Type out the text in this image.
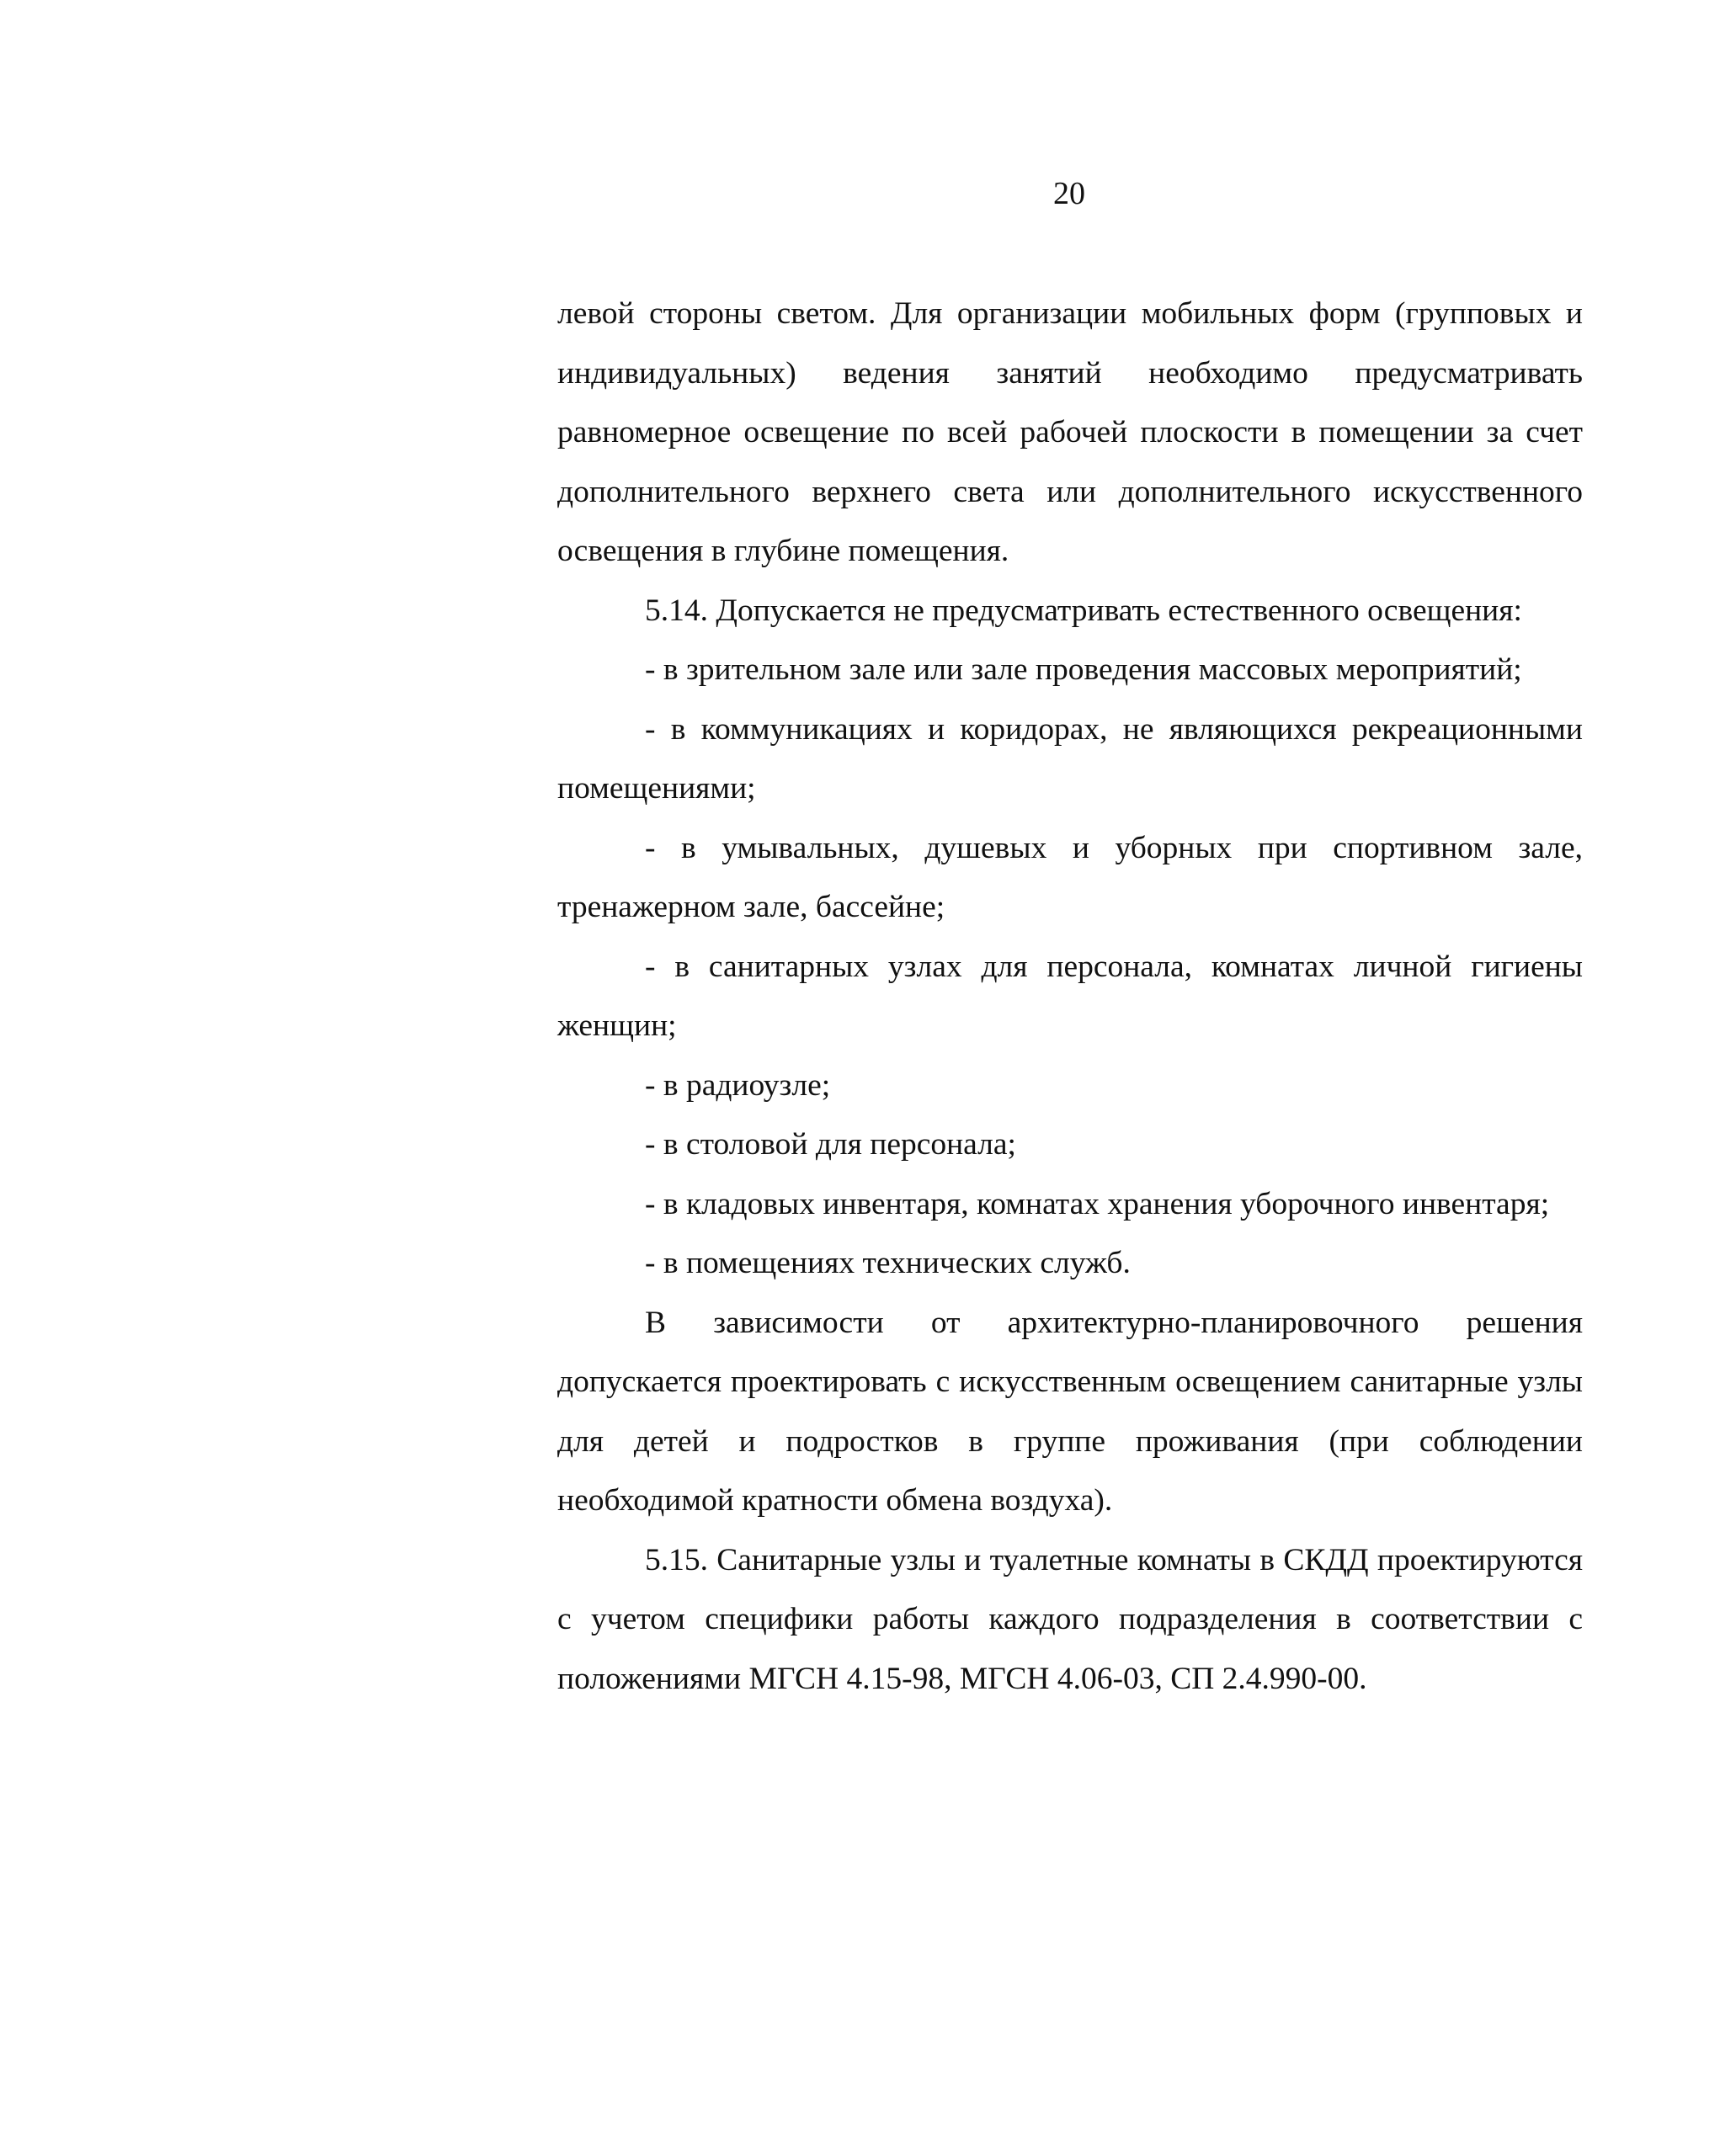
20

левой стороны светом. Для организации мобильных форм (групповых и индивидуальных) ведения занятий необходимо предусматривать равномерное освещение по всей рабочей плоскости в помещении за счет дополнительного верхнего света или дополнительного искусственного освещения в глубине помещения.

5.14. Допускается не предусматривать естественного освещения:

- в зрительном зале или зале проведения массовых мероприятий;

- в коммуникациях и коридорах, не являющихся рекреационными помещениями;

- в умывальных, душевых и уборных при спортивном зале, тренажерном зале, бассейне;

- в санитарных узлах для персонала, комнатах личной гигиены женщин;

- в радиоузле;

- в столовой для персонала;

- в кладовых инвентаря, комнатах хранения уборочного инвентаря;

- в помещениях технических служб.

В зависимости от архитектурно-планировочного решения допускается проектировать с искусственным освещением санитарные узлы для детей и подростков в группе проживания (при соблюдении необходимой кратности обмена воздуха).

5.15. Санитарные узлы и туалетные комнаты в СКДД проектируются с учетом специфики работы каждого подразделения в соответствии с положениями МГСН 4.15-98, МГСН 4.06-03, СП 2.4.990-00.
